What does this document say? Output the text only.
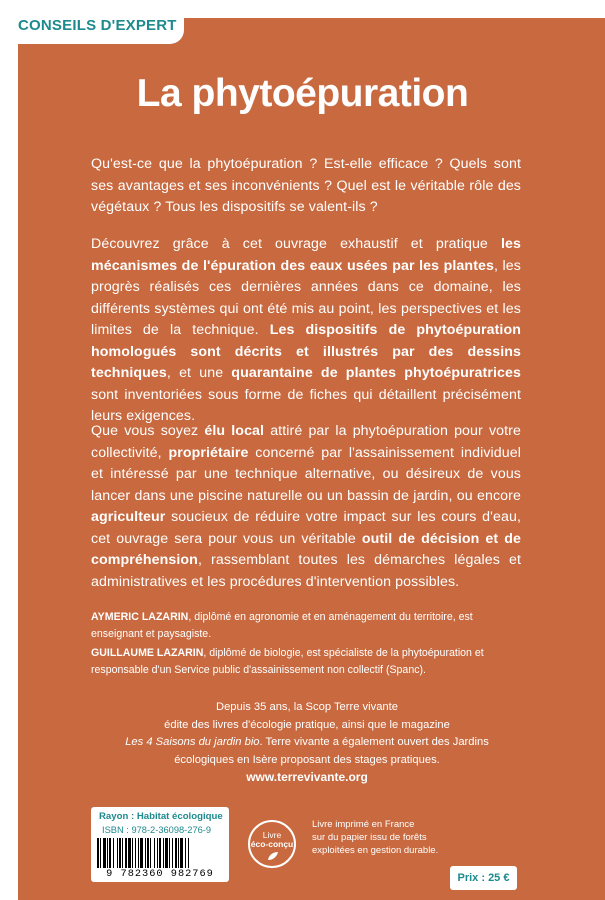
CONSEILS D'EXPERT
La phytoépuration
Qu'est-ce que la phytoépuration ? Est-elle efficace ? Quels sont ses avantages et ses inconvénients ? Quel est le véritable rôle des végétaux ? Tous les dispositifs se valent-ils ?
Découvrez grâce à cet ouvrage exhaustif et pratique les mécanismes de l'épuration des eaux usées par les plantes, les progrès réalisés ces dernières années dans ce domaine, les différents systèmes qui ont été mis au point, les perspectives et les limites de la technique. Les dispositifs de phytoépuration homologués sont décrits et illustrés par des dessins techniques, et une quarantaine de plantes phytoépuratrices sont inventoriées sous forme de fiches qui détaillent précisément leurs exigences.
Que vous soyez élu local attiré par la phytoépuration pour votre collectivité, propriétaire concerné par l'assainissement individuel et intéressé par une technique alternative, ou désireux de vous lancer dans une piscine naturelle ou un bassin de jardin, ou encore agriculteur soucieux de réduire votre impact sur les cours d'eau, cet ouvrage sera pour vous un véritable outil de décision et de compréhension, rassemblant toutes les démarches légales et administratives et les procédures d'intervention possibles.

AYMERIC LAZARIN, diplômé en agronomie et en aménagement du territoire, est enseignant et paysagiste.

GUILLAUME LAZARIN, diplômé de biologie, est spécialiste de la phytoépuration et responsable d'un Service public d'assainissement non collectif (Spanc).

Depuis 35 ans, la Scop Terre vivante

édite des livres d'écologie pratique, ainsi que le magazine

Les 4 Saisons du jardin bio. Terre vivante a également ouvert des Jardins

écologiques en Isère proposant des stages pratiques.

www.terrevivante.org

Rayon : Habitat écologique
ISBN : 978-2-36098-276-9
9 782360 982769
Livre
éco-conçu

Livre imprimé en France

sur du papier issu de forêts

exploitées en gestion durable.

Prix : 25 €
